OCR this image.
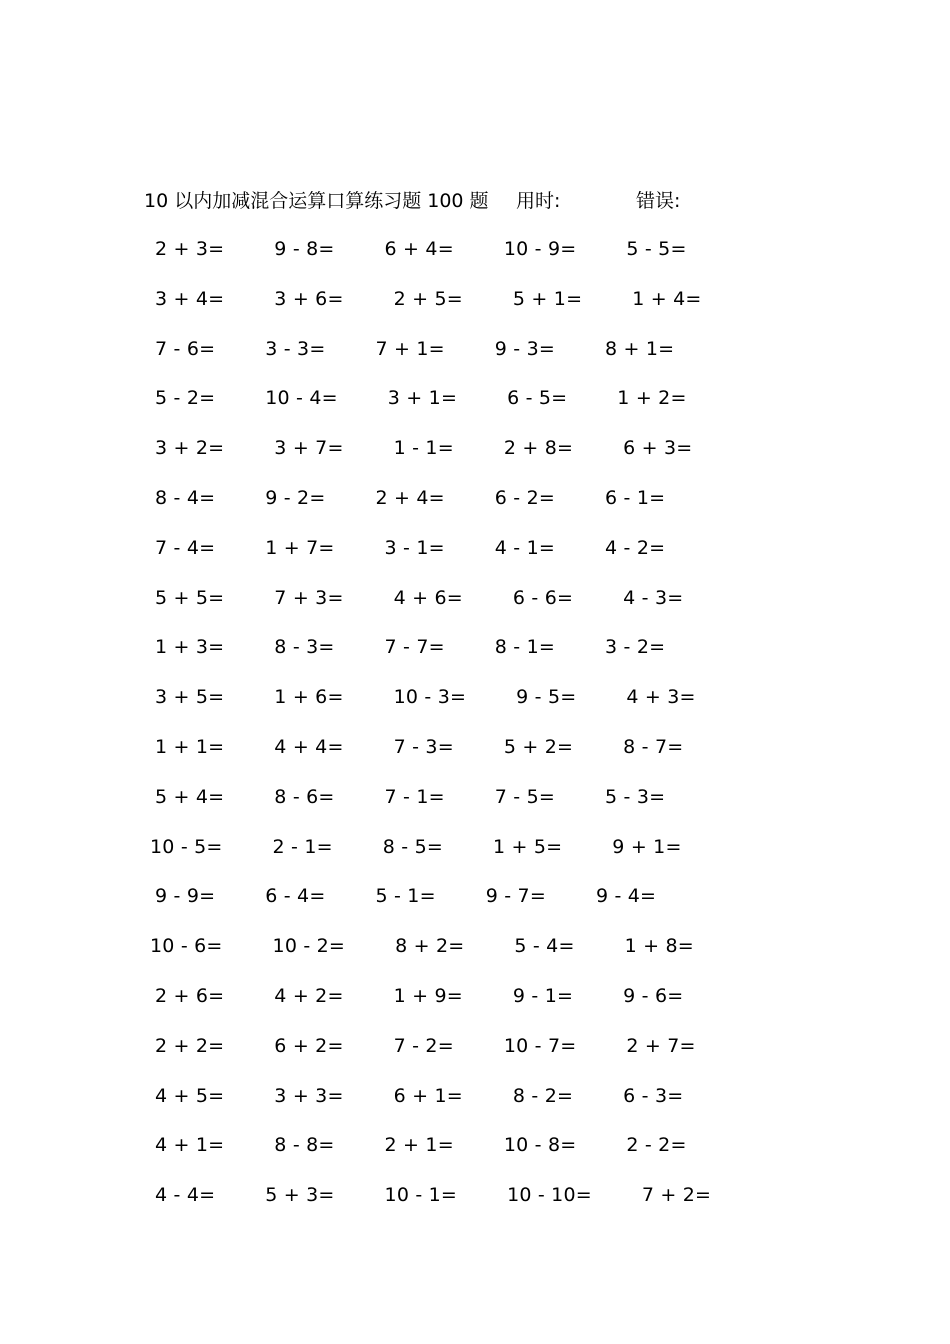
10 以内加减混合运算口算练习题 100 题 用时:	错误:
2 + 3=	9 - 8=	6 + 4=	10 - 9=	5 - 5=
3 + 4=	3 + 6=	2 + 5=	5 + 1=	1 + 4=
7 - 6=	3 - 3=	7 + 1=	9 - 3=	8 + 1=
5 - 2=	10 - 4=	3 + 1=	6 - 5=	1 + 2=
3 + 2=	3 + 7=	1 - 1=	2 + 8=	6 + 3=
8 - 4=	9 - 2=	2 + 4=	6 - 2=	6 - 1=
7 - 4=	1 + 7=	3 - 1=	4 - 1=	4 - 2=
5 + 5=	7 + 3=	4 + 6=	6 - 6=	4 - 3=
1 + 3=	8 - 3=	7 - 7=	8 - 1=	3 - 2=
3 + 5=	1 + 6=	10 - 3=	9 - 5=	4 + 3=
1 + 1=	4 + 4=	7 - 3=	5 + 2=	8 - 7=
5 + 4=	8 - 6=	7 - 1=	7 - 5=	5 - 3=
10 - 5=	2 - 1=	8 - 5=	1 + 5=	9 + 1=
9 - 9=	6 - 4=	5 - 1=	9 - 7=	9 - 4=
10 - 6=	10 - 2=	8 + 2=	5 - 4=	1 + 8=
2 + 6=	4 + 2=	1 + 9=	9 - 1=	9 - 6=
2 + 2=	6 + 2=	7 - 2=	10 - 7=	2 + 7=
4 + 5=	3 + 3=	6 + 1=	8 - 2=	6 - 3=
4 + 1=	8 - 8=	2 + 1=	10 - 8=	2 - 2=
4 - 4=	5 + 3=	10 - 1=	10 - 10=	7 + 2=
